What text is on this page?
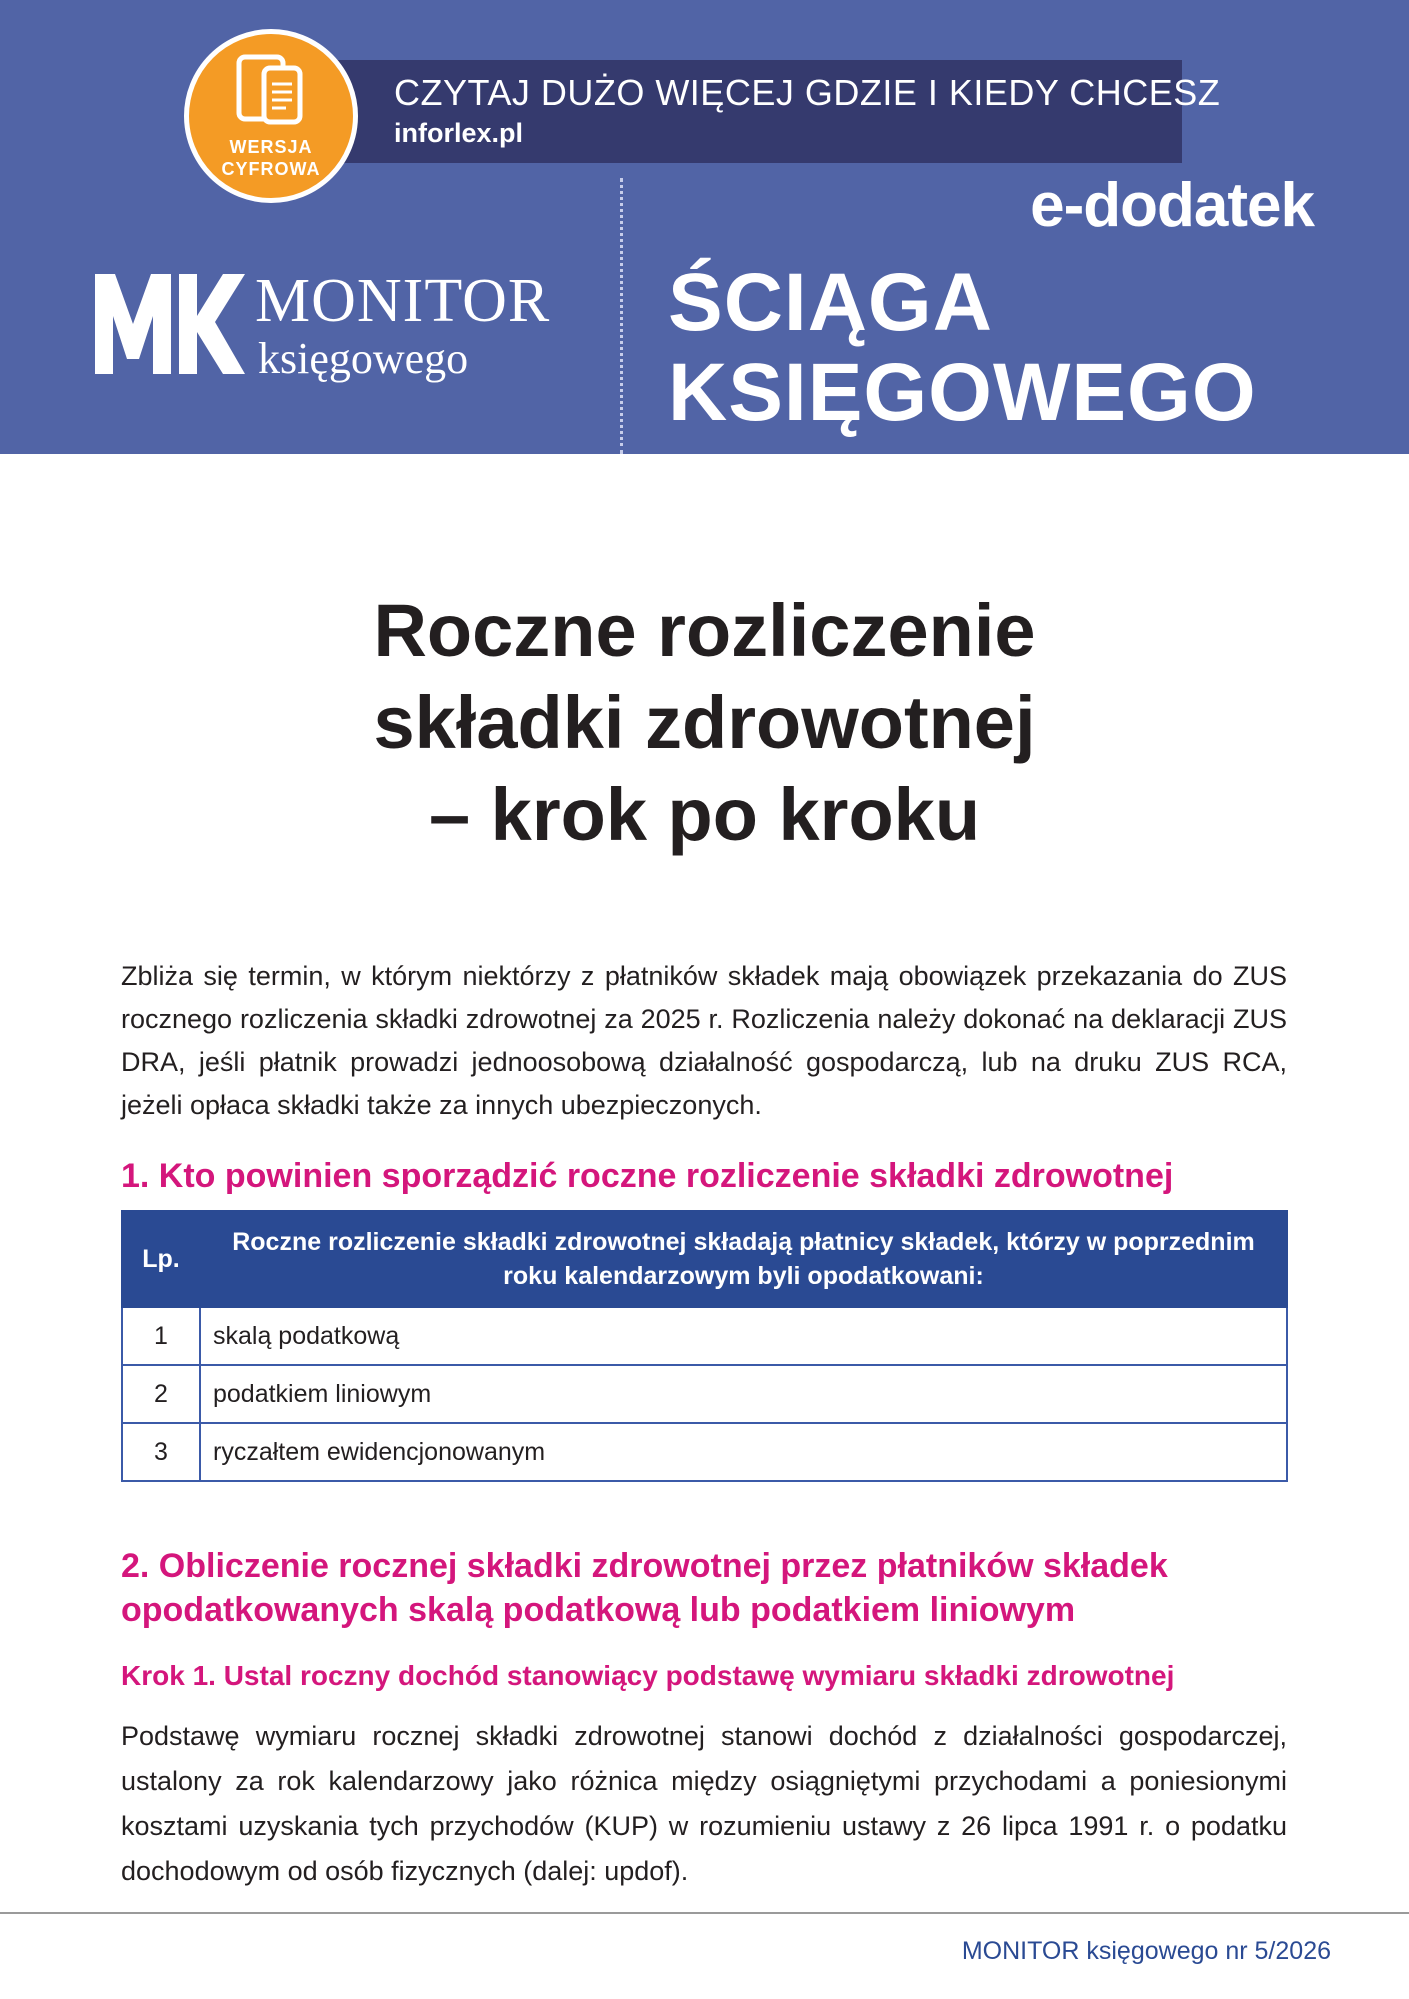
CZYTAJ DUŻO WIĘCEJ GDZIE I KIEDY CHCESZ
inforlex.pl
WERSJA
CYFROWA
MONITOR
księgowego
e-dodatek
ŚCIĄGA
KSIĘGOWEGO
Roczne rozliczenie
składki zdrowotnej
– krok po kroku
Zbliża się termin, w którym niektórzy z płatników składek mają obowiązek przekazania do ZUS rocznego rozliczenia składki zdrowotnej za 2025 r. Rozliczenia należy dokonać na deklaracji ZUS DRA, jeśli płatnik prowadzi jednoosobową działalność gospodarczą, lub na druku ZUS RCA, jeżeli opłaca składki także za innych ubezpieczonych.
1. Kto powinien sporządzić roczne rozliczenie składki zdrowotnej
Lp.	Roczne rozliczenie składki zdrowotnej składają płatnicy składek, którzy w poprzednim roku kalendarzowym byli opodatkowani:
1	skalą podatkową
2	podatkiem liniowym
3	ryczałtem ewidencjonowanym
2. Obliczenie rocznej składki zdrowotnej przez płatników składek opodatkowanych skalą podatkową lub podatkiem liniowym
Krok 1. Ustal roczny dochód stanowiący podstawę wymiaru składki zdrowotnej
Podstawę wymiaru rocznej składki zdrowotnej stanowi dochód z działalności gospodarczej, ustalony za rok kalendarzowy jako różnica między osiągniętymi przychodami a poniesionymi kosztami uzyskania tych przychodów (KUP) w rozumieniu ustawy z 26 lipca 1991 r. o podatku dochodowym od osób fizycznych (dalej: updof).
MONITOR księgowego nr 5/2026
